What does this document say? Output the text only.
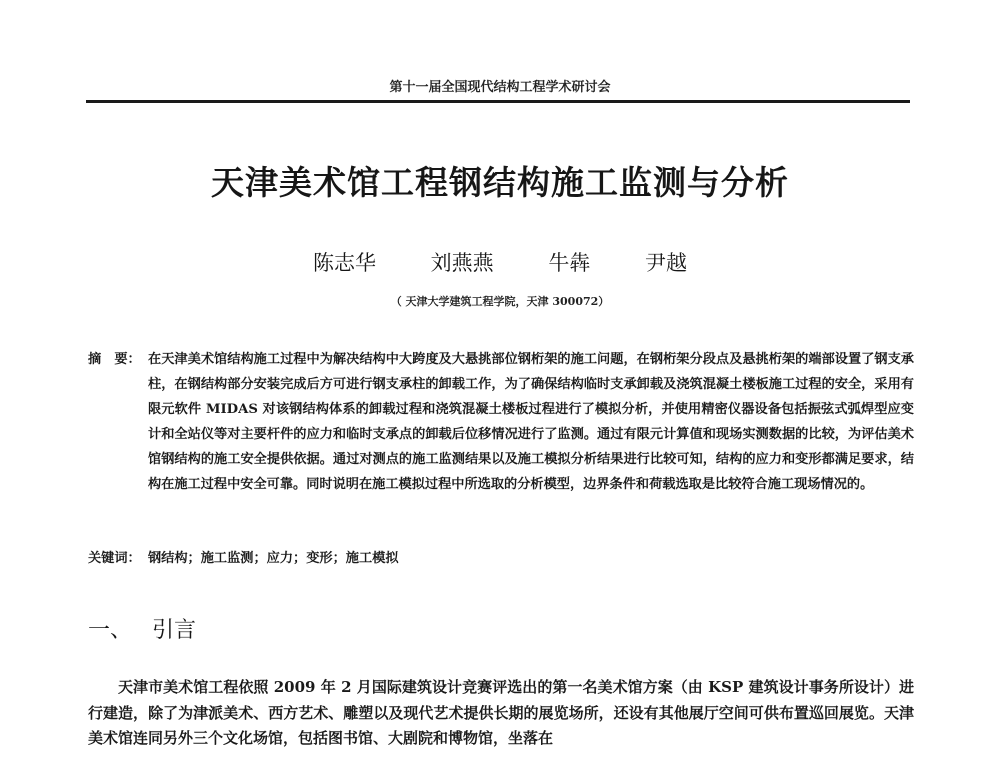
第十一届全国现代结构工程学术研讨会
天津美术馆工程钢结构施工监测与分析
陈志华	刘燕燕	牛犇	尹越
（ 天津大学建筑工程学院，天津 300072）
摘　要： 在天津美术馆结构施工过程中为解决结构中大跨度及大悬挑部位钢桁架的施工问题，在钢桁架分段点及悬挑桁架的端部设置了钢支承柱，在钢结构部分安装完成后方可进行钢支承柱的卸载工作，为了确保结构临时支承卸载及浇筑混凝土楼板施工过程的安全，采用有限元软件 MIDAS 对该钢结构体系的卸载过程和浇筑混凝土楼板过程进行了模拟分析，并使用精密仪器设备包括振弦式弧焊型应变计和全站仪等对主要杆件的应力和临时支承点的卸载后位移情况进行了监测。通过有限元计算值和现场实测数据的比较，为评估美术馆钢结构的施工安全提供依据。通过对测点的施工监测结果以及施工模拟分析结果进行比较可知，结构的应力和变形都满足要求，结构在施工过程中安全可靠。同时说明在施工模拟过程中所选取的分析模型，边界条件和荷载选取是比较符合施工现场情况的。
关键词： 钢结构；施工监测；应力；变形；施工模拟
一、 引言
天津市美术馆工程依照 2009 年 2 月国际建筑设计竞赛评选出的第一名美术馆方案（由 KSP 建筑设计事务所设计）进行建造，除了为津派美术、西方艺术、雕塑以及现代艺术提供长期的展览场所，还设有其他展厅空间可供布置巡回展览。天津美术馆连同另外三个文化场馆，包括图书馆、大剧院和博物馆，坐落在
